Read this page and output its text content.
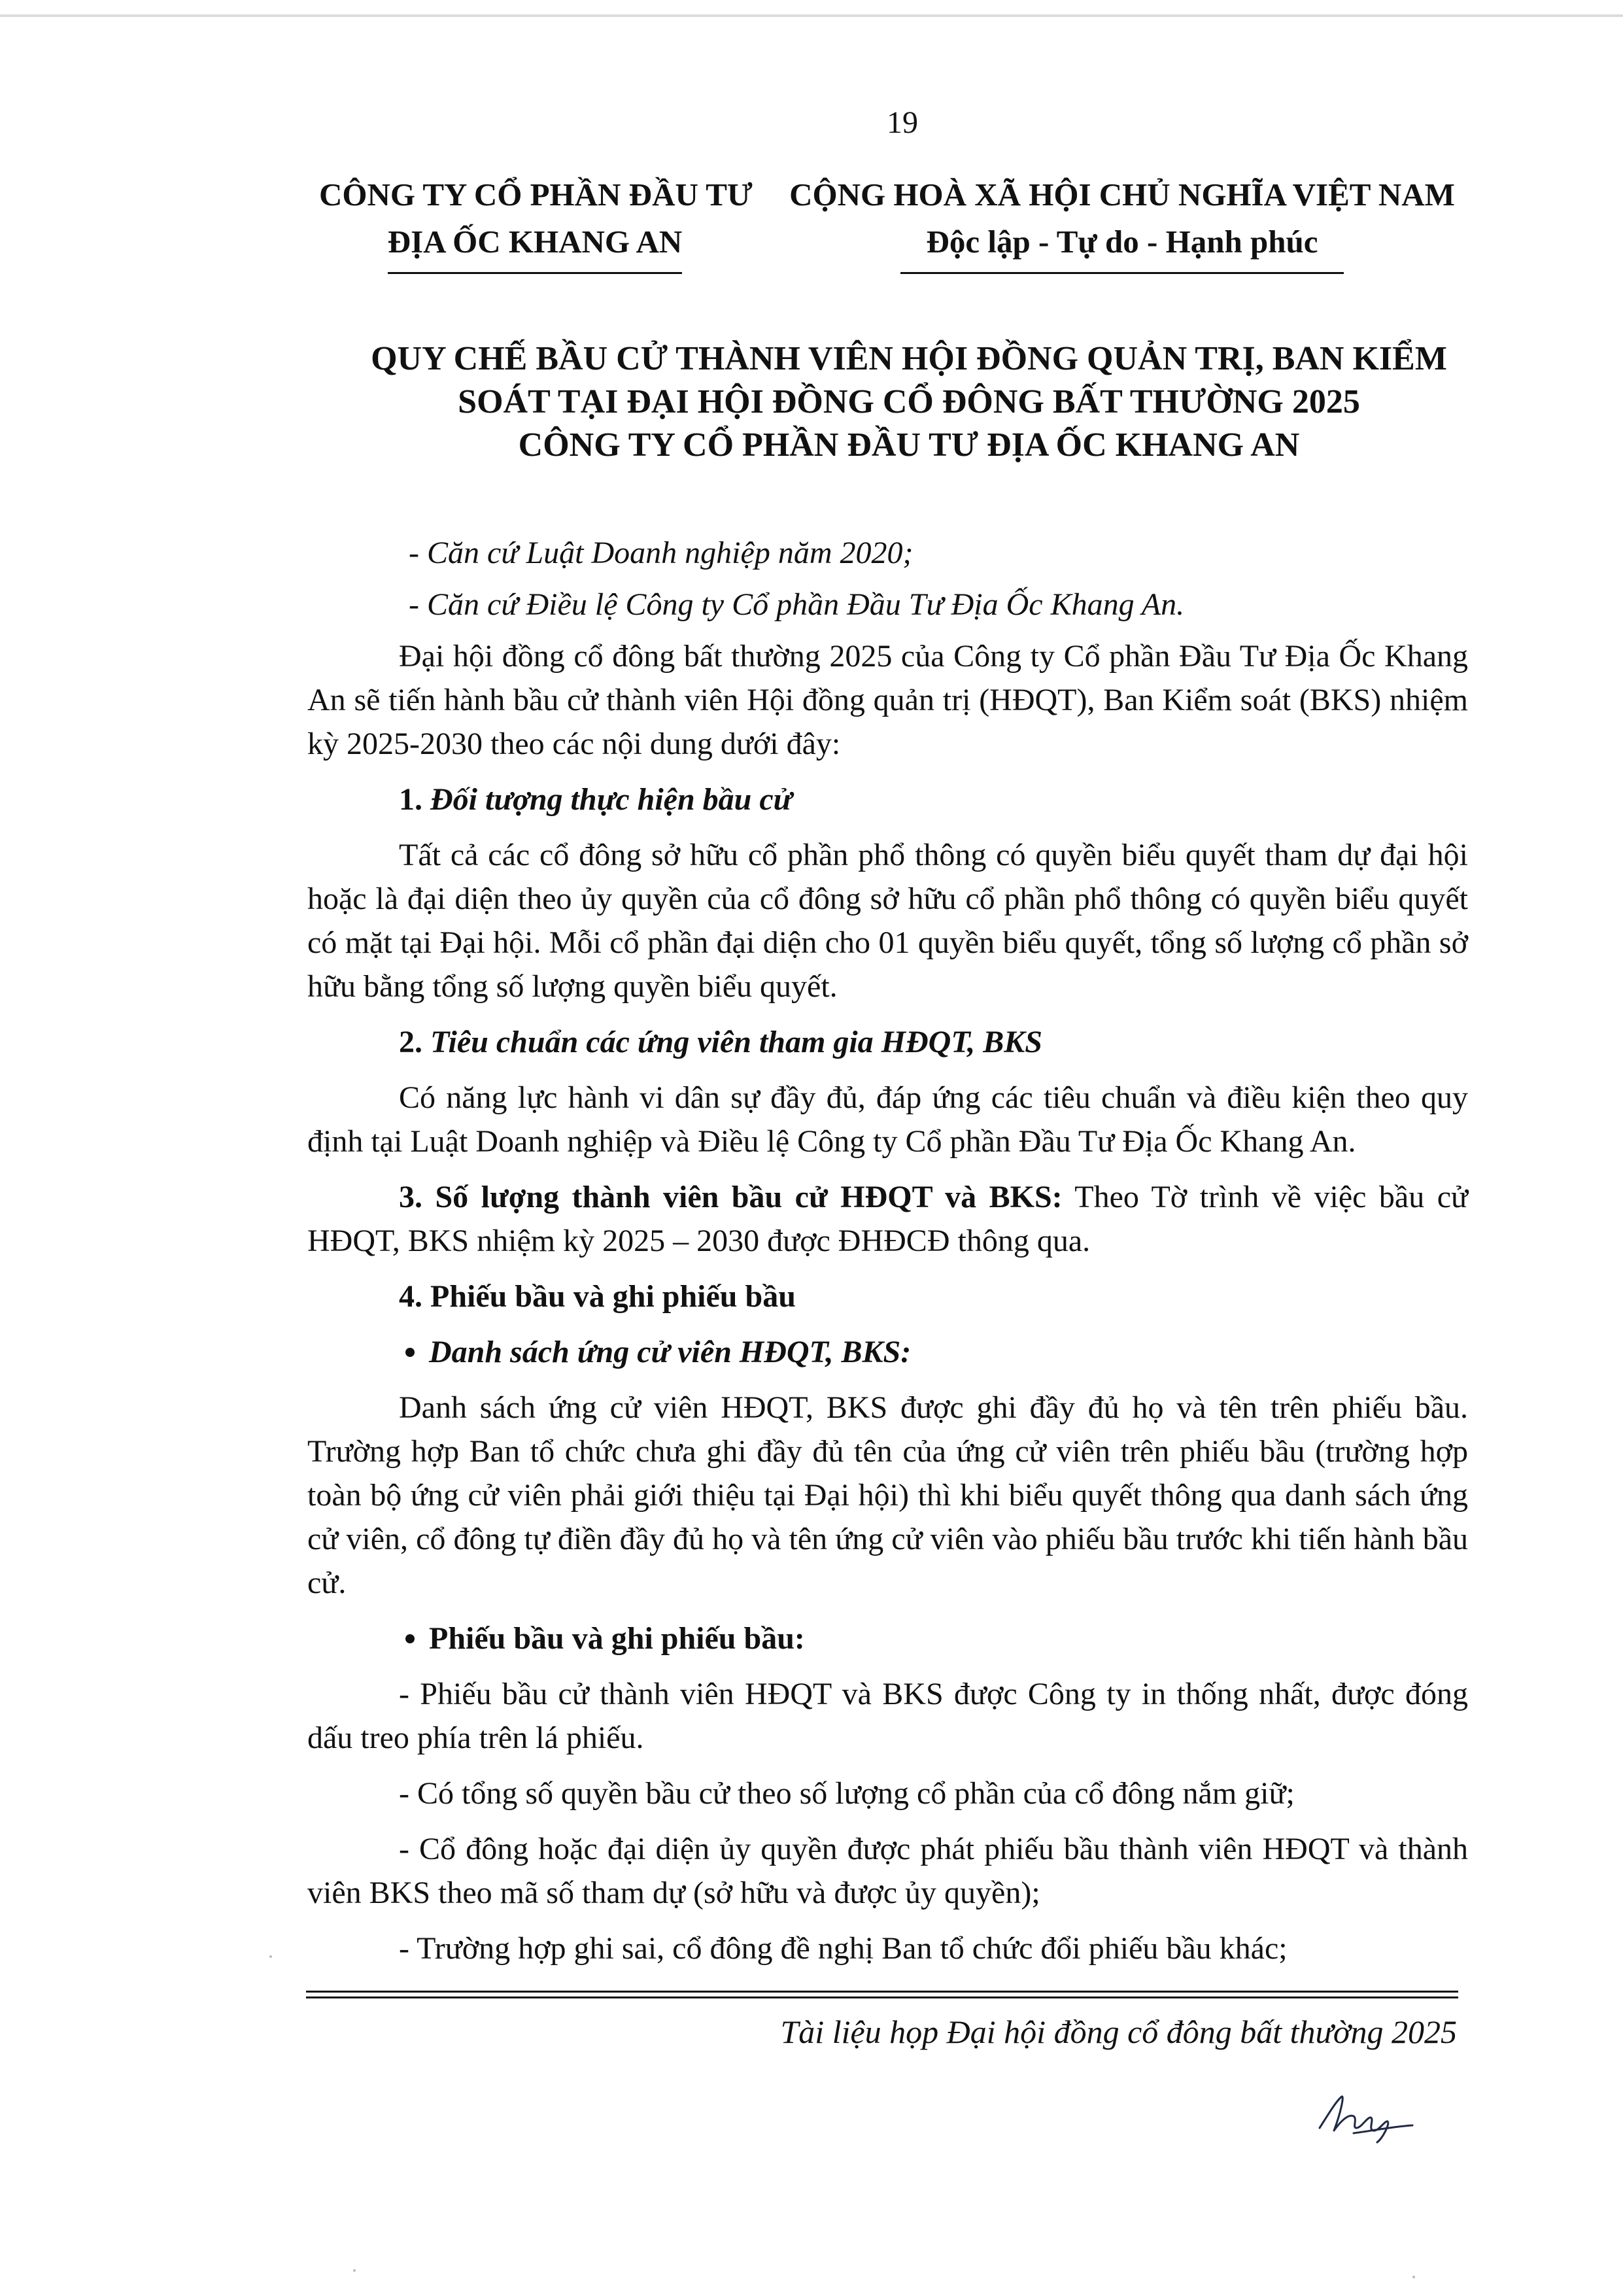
19
CÔNG TY CỔ PHẦN ĐẦU TƯ
ĐỊA ỐC KHANG AN
CỘNG HOÀ XÃ HỘI CHỦ NGHĨA VIỆT NAM
Độc lập - Tự do - Hạnh phúc
QUY CHẾ BẦU CỬ THÀNH VIÊN HỘI ĐỒNG QUẢN TRỊ, BAN KIỂM
SOÁT TẠI ĐẠI HỘI ĐỒNG CỔ ĐÔNG BẤT THƯỜNG 2025
CÔNG TY CỔ PHẦN ĐẦU TƯ ĐỊA ỐC KHANG AN

- Căn cứ Luật Doanh nghiệp năm 2020;

- Căn cứ Điều lệ Công ty Cổ phần Đầu Tư Địa Ốc Khang An.

Đại hội đồng cổ đông bất thường 2025 của Công ty Cổ phần Đầu Tư Địa Ốc Khang An sẽ tiến hành bầu cử thành viên Hội đồng quản trị (HĐQT), Ban Kiểm soát (BKS) nhiệm kỳ 2025-2030 theo các nội dung dưới đây:

1. Đối tượng thực hiện bầu cử

Tất cả các cổ đông sở hữu cổ phần phổ thông có quyền biểu quyết tham dự đại hội hoặc là đại diện theo ủy quyền của cổ đông sở hữu cổ phần phổ thông có quyền biểu quyết có mặt tại Đại hội. Mỗi cổ phần đại diện cho 01 quyền biểu quyết, tổng số lượng cổ phần sở hữu bằng tổng số lượng quyền biểu quyết.

2. Tiêu chuẩn các ứng viên tham gia HĐQT, BKS

Có năng lực hành vi dân sự đầy đủ, đáp ứng các tiêu chuẩn và điều kiện theo quy định tại Luật Doanh nghiệp và Điều lệ Công ty Cổ phần Đầu Tư Địa Ốc Khang An.

3. Số lượng thành viên bầu cử HĐQT và BKS: Theo Tờ trình về việc bầu cử HĐQT, BKS nhiệm kỳ 2025 – 2030 được ĐHĐCĐ thông qua.

4. Phiếu bầu và ghi phiếu bầu
Danh sách ứng cử viên HĐQT, BKS:

Danh sách ứng cử viên HĐQT, BKS được ghi đầy đủ họ và tên trên phiếu bầu. Trường hợp Ban tổ chức chưa ghi đầy đủ tên của ứng cử viên trên phiếu bầu (trường hợp toàn bộ ứng cử viên phải giới thiệu tại Đại hội) thì khi biểu quyết thông qua danh sách ứng cử viên, cổ đông tự điền đầy đủ họ và tên ứng cử viên vào phiếu bầu trước khi tiến hành bầu cử.

Phiếu bầu và ghi phiếu bầu:

- Phiếu bầu cử thành viên HĐQT và BKS được Công ty in thống nhất, được đóng dấu treo phía trên lá phiếu.

- Có tổng số quyền bầu cử theo số lượng cổ phần của cổ đông nắm giữ;

- Cổ đông hoặc đại diện ủy quyền được phát phiếu bầu thành viên HĐQT và thành viên BKS theo mã số tham dự (sở hữu và được ủy quyền);

- Trường hợp ghi sai, cổ đông đề nghị Ban tổ chức đổi phiếu bầu khác;

Tài liệu họp Đại hội đồng cổ đông bất thường 2025
